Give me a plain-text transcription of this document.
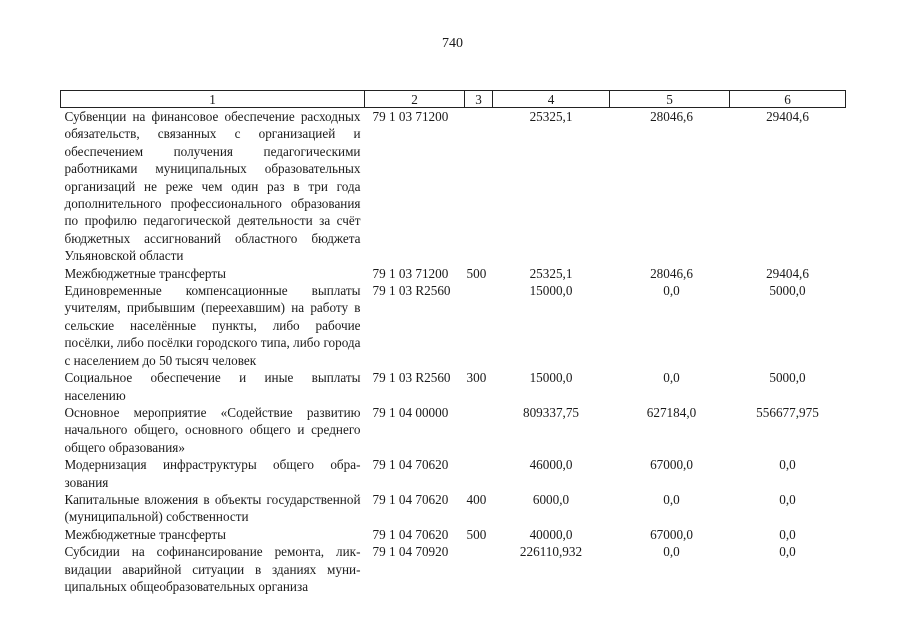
740
1	2	3	4	5	6
Субвенции на финансовое обеспечение расходных обязательств, связанных с организацией и обеспечением получения педагогическими работниками муниципальных образовательных организаций не реже чем один раз в три года дополнительного профессионального образования по профилю педагогической деятельности за счёт бюджетных ассигнований областного бюджета Ульяновской области	79 1 03 71200		25325,1	28046,6	29404,6
Межбюджетные трансферты	79 1 03 71200	500	25325,1	28046,6	29404,6
Единовременные компенсационные выплаты учителям, прибывшим (переехавшим) на работу в сельские населённые пункты, либо рабочие посёлки, либо посёлки городского типа, либо города с населением до 50 тысяч человек	79 1 03 R2560		15000,0	0,0	5000,0
Социальное обеспечение и иные выплаты населению	79 1 03 R2560	300	15000,0	0,0	5000,0
Основное мероприятие «Содействие развитию начального общего, основного общего и среднего общего образования»	79 1 04 00000		809337,75	627184,0	556677,975
Модернизация инфраструктуры общего образования	79 1 04 70620		46000,0	67000,0	0,0
Капитальные вложения в объекты государственной (муниципальной) собственности	79 1 04 70620	400	6000,0	0,0	0,0
Межбюджетные трансферты	79 1 04 70620	500	40000,0	67000,0	0,0
Субсидии на софинансирование ремонта, ликвидации аварийной ситуации в зданиях муниципальных общеобразовательных организа	79 1 04 70920		226110,932	0,0	0,0
